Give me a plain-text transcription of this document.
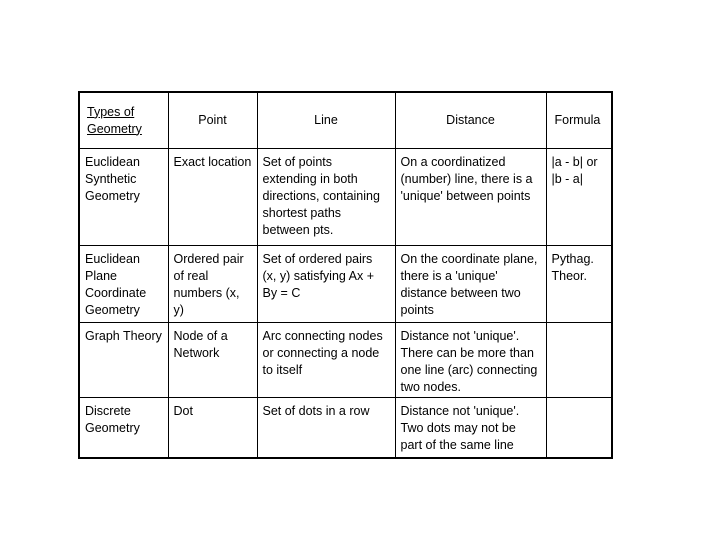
Types of Geometry	Point	Line	Distance	Formula
Euclidean Synthetic Geometry	Exact location	Set of points extending in both directions, containing shortest paths between pts.	On a coordinatized (number) line, there is a 'unique' between points	|a - b| or |b - a|
Euclidean Plane Coordinate Geometry	Ordered pair of real numbers (x, y)	Set of ordered pairs (x, y) satisfying Ax + By = C	On the coordinate plane, there is a 'unique' distance between two points	Pythag. Theor.
Graph Theory	Node of a Network	Arc connecting nodes or connecting a node to itself	Distance not 'unique'. There can be more than one line (arc) connecting two nodes.	
Discrete Geometry	Dot	Set of dots in a row	Distance not 'unique'. Two dots may not be part of the same line	
